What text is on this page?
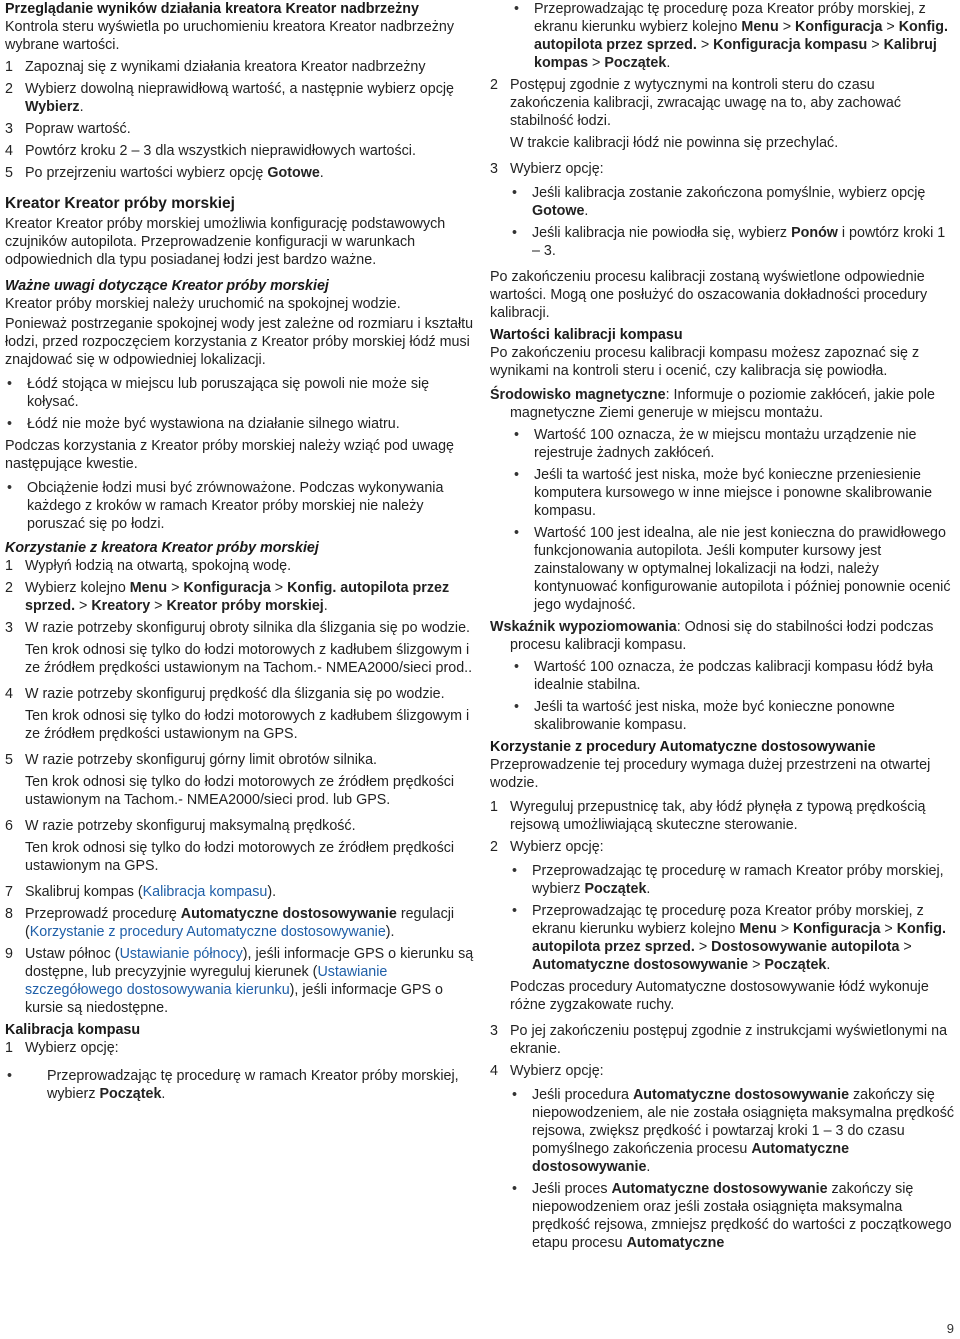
Przeglądanie wyników działania kreatora Kreator nadbrzeżny

Kontrola steru wyświetla po uruchomieniu kreatora Kreator nadbrzeżny wybrane wartości.

1 Zapoznaj się z wynikami działania kreatora Kreator nadbrzeżny
2 Wybierz dowolną nieprawidłową wartość, a następnie wybierz opcję Wybierz.
3 Popraw wartość.
4 Powtórz kroku 2 – 3 dla wszystkich nieprawidłowych wartości.
5 Po przejrzeniu wartości wybierz opcję Gotowe.
Kreator Kreator próby morskiej

Kreator Kreator próby morskiej umożliwia konfigurację podstawowych czujników autopilota. Przeprowadzenie konfiguracji w warunkach odpowiednich dla typu posiadanej łodzi jest bardzo ważne.

Ważne uwagi dotyczące Kreator próby morskiej

Kreator próby morskiej należy uruchomić na spokojnej wodzie.

Ponieważ postrzeganie spokojnej wody jest zależne od rozmiaru i kształtu łodzi, przed rozpoczęciem korzystania z Kreator próby morskiej łódź musi znajdować się w odpowiedniej lokalizacji.

• Łódź stojąca w miejscu lub poruszająca się powoli nie może się kołysać.
• Łódź nie może być wystawiona na działanie silnego wiatru.

Podczas korzystania z Kreator próby morskiej należy wziąć pod uwagę następujące kwestie.

• Obciążenie łodzi musi być zrównoważone. Podczas wykonywania każdego z kroków w ramach Kreator próby morskiej nie należy poruszać się po łodzi.
Korzystanie z kreatora Kreator próby morskiej
1 Wypłyń łodzią na otwartą, spokojną wodę.
2 Wybierz kolejno Menu > Konfiguracja > Konfig. autopilota przez sprzed. > Kreatory > Kreator próby morskiej.
3 W razie potrzeby skonfiguruj obroty silnika dla ślizgania się po wodzie.

Ten krok odnosi się tylko do łodzi motorowych z kadłubem ślizgowym i ze źródłem prędkości ustawionym na Tachom.- NMEA2000/sieci prod..

4 W razie potrzeby skonfiguruj prędkość dla ślizgania się po wodzie.

Ten krok odnosi się tylko do łodzi motorowych z kadłubem ślizgowym i ze źródłem prędkości ustawionym na GPS.

5 W razie potrzeby skonfiguruj górny limit obrotów silnika.

Ten krok odnosi się tylko do łodzi motorowych ze źródłem prędkości ustawionym na Tachom.- NMEA2000/sieci prod. lub GPS.

6 W razie potrzeby skonfiguruj maksymalną prędkość.

Ten krok odnosi się tylko do łodzi motorowych ze źródłem prędkości ustawionym na GPS.

7 Skalibruj kompas (Kalibracja kompasu).
8 Przeprowadź procedurę Automatyczne dostosowywanie regulacji (Korzystanie z procedury Automatyczne dostosowywanie).
9 Ustaw północ (Ustawianie północy), jeśli informacje GPS o kierunku są dostępne, lub precyzyjnie wyreguluj kierunek (Ustawianie szczegółowego dostosowywania kierunku), jeśli informacje GPS o kursie są niedostępne.
Kalibracja kompasu
1 Wybierz opcję:

• Przeprowadzając tę procedurę w ramach Kreator próby morskiej, wybierz Początek.
• Przeprowadzając tę procedurę poza Kreator próby morskiej, z ekranu kierunku wybierz kolejno Menu > Konfiguracja > Konfig. autopilota przez sprzed. > Konfiguracja kompasu > Kalibruj kompas > Początek.
2 Postępuj zgodnie z wytycznymi na kontroli steru do czasu zakończenia kalibracji, zwracając uwagę na to, aby zachować stabilność łodzi.

W trakcie kalibracji łódź nie powinna się przechylać.

3 Wybierz opcję:

• Jeśli kalibracja zostanie zakończona pomyślnie, wybierz opcję Gotowe.
• Jeśli kalibracja nie powiodła się, wybierz Ponów i powtórz kroki 1 – 3.

Po zakończeniu procesu kalibracji zostaną wyświetlone odpowiednie wartości. Mogą one posłużyć do oszacowania dokładności procedury kalibracji.

Wartości kalibracji kompasu

Po zakończeniu procesu kalibracji kompasu możesz zapoznać się z wynikami na kontroli steru i ocenić, czy kalibracja się powiodła.

Środowisko magnetyczne: Informuje o poziomie zakłóceń, jakie pole magnetyczne Ziemi generuje w miejscu montażu.

• Wartość 100 oznacza, że w miejscu montażu urządzenie nie rejestruje żadnych zakłóceń.
• Jeśli ta wartość jest niska, może być konieczne przeniesienie komputera kursowego w inne miejsce i ponowne skalibrowanie kompasu.
• Wartość 100 jest idealna, ale nie jest konieczna do prawidłowego funkcjonowania autopilota. Jeśli komputer kursowy jest zainstalowany w optymalnej lokalizacji na łodzi, należy kontynuować konfigurowanie autopilota i później ponownie ocenić jego wydajność.

Wskaźnik wypoziomowania: Odnosi się do stabilności łodzi podczas procesu kalibracji kompasu.

• Wartość 100 oznacza, że podczas kalibracji kompasu łódź była idealnie stabilna.
• Jeśli ta wartość jest niska, może być konieczne ponowne skalibrowanie kompasu.
Korzystanie z procedury Automatyczne dostosowywanie

Przeprowadzenie tej procedury wymaga dużej przestrzeni na otwartej wodzie.

1 Wyreguluj przepustnicę tak, aby łódź płynęła z typową prędkością rejsową umożliwiającą skuteczne sterowanie.
2 Wybierz opcję:

• Przeprowadzając tę procedurę w ramach Kreator próby morskiej, wybierz Początek.
• Przeprowadzając tę procedurę poza Kreator próby morskiej, z ekranu kierunku wybierz kolejno Menu > Konfiguracja > Konfig. autopilota przez sprzed. > Dostosowywanie autopilota > Automatyczne dostosowywanie > Początek.

Podczas procedury Automatyczne dostosowywanie łódź wykonuje różne zygzakowate ruchy.

3 Po jej zakończeniu postępuj zgodnie z instrukcjami wyświetlonymi na ekranie.
4 Wybierz opcję:

• Jeśli procedura Automatyczne dostosowywanie zakończy się niepowodzeniem, ale nie została osiągnięta maksymalna prędkość rejsowa, zwiększ prędkość i powtarzaj kroki 1 – 3 do czasu pomyślnego zakończenia procesu Automatyczne dostosowywanie.
• Jeśli proces Automatyczne dostosowywanie zakończy się niepowodzeniem oraz jeśli została osiągnięta maksymalna prędkość rejsowa, zmniejsz prędkość do wartości z początkowego etapu procesu Automatyczne
9
